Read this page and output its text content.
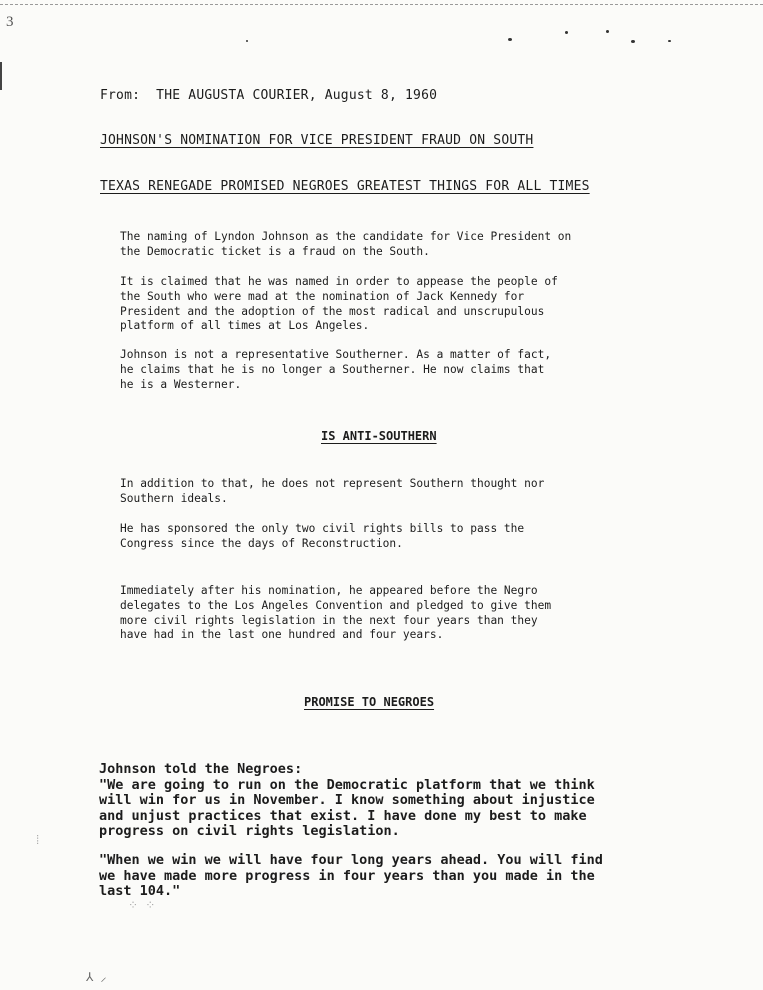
3
From:  THE AUGUSTA COURIER, August 8, 1960
JOHNSON'S NOMINATION FOR VICE PRESIDENT FRAUD ON SOUTH
TEXAS RENEGADE PROMISED NEGROES GREATEST THINGS FOR ALL TIMES

The naming of Lyndon Johnson as the candidate for Vice President on
the Democratic ticket is a fraud on the South.

It is claimed that he was named in order to appease the people of
the South who were mad at the nomination of Jack Kennedy for
President and the adoption of the most radical and unscrupulous
platform of all times at Los Angeles.

Johnson is not a representative Southerner. As a matter of fact,
he claims that he is no longer a Southerner. He now claims that
he is a Westerner.

IS ANTI-SOUTHERN

In addition to that, he does not represent Southern thought nor
Southern ideals.

He has sponsored the only two civil rights bills to pass the
Congress since the days of Reconstruction.

Immediately after his nomination, he appeared before the Negro
delegates to the Los Angeles Convention and pledged to give them
more civil rights legislation in the next four years than they
have had in the last one hundred and four years.

PROMISE TO NEGROES

Johnson told the Negroes:
"We are going to run on the Democratic platform that we think
will win for us in November. I know something about injustice
and unjust practices that exist. I have done my best to make
progress on civil rights legislation.

"When we win we will have four long years ahead. You will find
we have made more progress in four years than you made in the
last 104."

⁞
⁘ ⁘
⅄ ⸝
